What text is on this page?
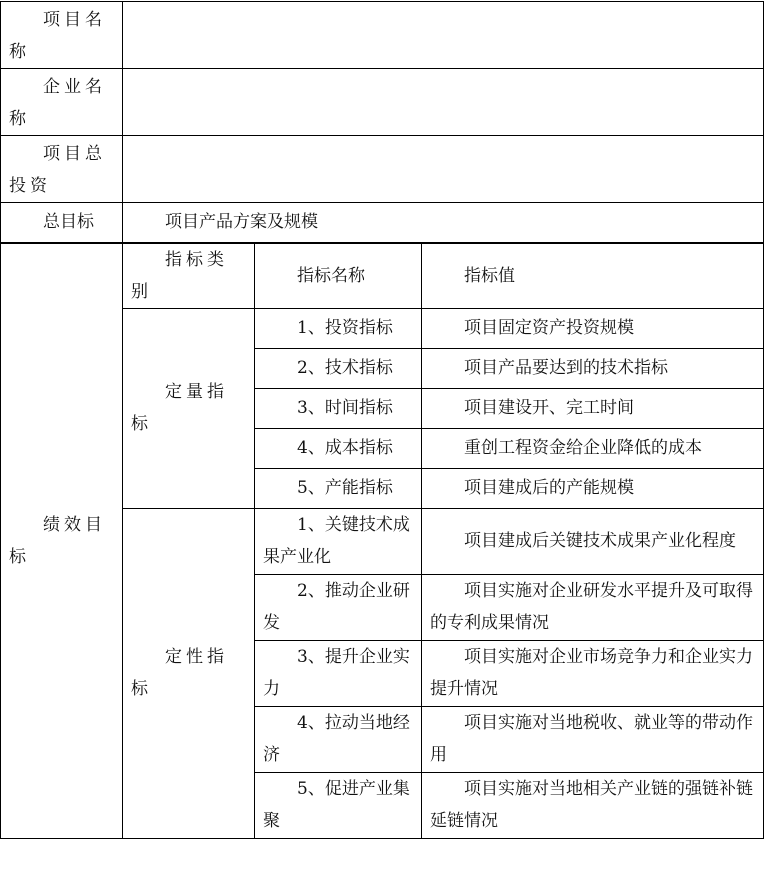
项目名称			
企业名称			
项目总投资			
总目标	项目产品方案及规模		
绩效目标	指标类别	指标名称	指标值
	定量指标	1、投资指标	项目固定资产投资规模
		2、技术指标	项目产品要达到的技术指标
		3、时间指标	项目建设开、完工时间
		4、成本指标	重创工程资金给企业降低的成本
		5、产能指标	项目建成后的产能规模
	定性指标	1、关键技术成果产业化	项目建成后关键技术成果产业化程度
		2、推动企业研发	项目实施对企业研发水平提升及可取得的专利成果情况
		3、提升企业实力	项目实施对企业市场竞争力和企业实力提升情况
		4、拉动当地经济	项目实施对当地税收、就业等的带动作用
		5、促进产业集聚	项目实施对当地相关产业链的强链补链延链情况
